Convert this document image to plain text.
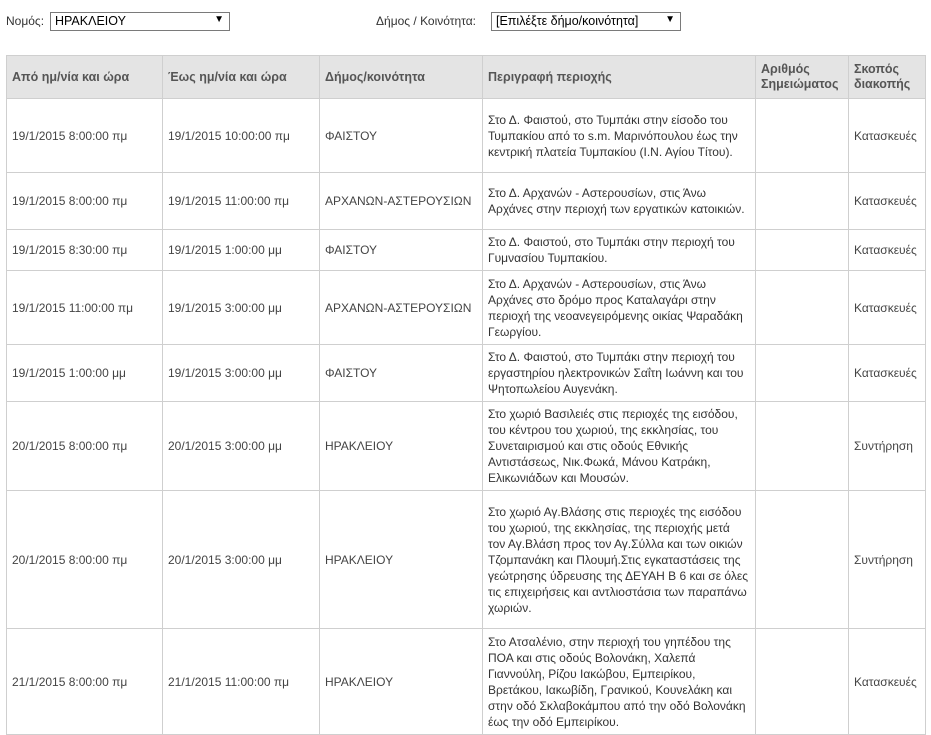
Νομός: ΗΡΑΚΛΕΙΟΥ	▼	Δήμος / Κοινότητα:	[Επιλέξτε δήμο/κοινότητα]	▼
Από ημ/νία και ώρα	Έως ημ/νία και ώρα	Δήμος/κοινότητα	Περιγραφή περιοχής	Αριθμός Σημειώματος	Σκοπός διακοπής
19/1/2015 8:00:00 πμ	19/1/2015 10:00:00 πμ	ΦΑΙΣΤΟΥ	Στο Δ. Φαιστού, στο Τυμπάκι στην είσοδο του Τυμπακίου από το s.m. Μαρινόπουλου έως την κεντρική πλατεία Τυμπακίου (Ι.Ν. Αγίου Τίτου).		Κατασκευές
19/1/2015 8:00:00 πμ	19/1/2015 11:00:00 πμ	ΑΡΧΑΝΩΝ-ΑΣΤΕΡΟΥΣΙΩΝ	Στο Δ. Αρχανών - Αστερουσίων, στις Άνω Αρχάνες στην περιοχή των εργατικών κατοικιών.		Κατασκευές
19/1/2015 8:30:00 πμ	19/1/2015 1:00:00 μμ	ΦΑΙΣΤΟΥ	Στο Δ. Φαιστού, στο Τυμπάκι στην περιοχή του Γυμνασίου Τυμπακίου.		Κατασκευές
19/1/2015 11:00:00 πμ	19/1/2015 3:00:00 μμ	ΑΡΧΑΝΩΝ-ΑΣΤΕΡΟΥΣΙΩΝ	Στο Δ. Αρχανών - Αστερουσίων, στις Άνω Αρχάνες στο δρόμο προς Καταλαγάρι στην περιοχή της νεοανεγειρόμενης οικίας Ψαραδάκη Γεωργίου.		Κατασκευές
19/1/2015 1:00:00 μμ	19/1/2015 3:00:00 μμ	ΦΑΙΣΤΟΥ	Στο Δ. Φαιστού, στο Τυμπάκι στην περιοχή του εργαστηρίου ηλεκτρονικών Σαΐτη Ιωάννη και του Ψητοπωλείου Αυγενάκη.		Κατασκευές
20/1/2015 8:00:00 πμ	20/1/2015 3:00:00 μμ	ΗΡΑΚΛΕΙΟΥ	Στο χωριό Βασιλειές στις περιοχές της εισόδου, του κέντρου του χωριού, της εκκλησίας, του Συνεταιρισμού και στις οδούς Εθνικής Αντιστάσεως, Νικ.Φωκά, Μάνου Κατράκη, Ελικωνιάδων και Μουσών.		Συντήρηση
20/1/2015 8:00:00 πμ	20/1/2015 3:00:00 μμ	ΗΡΑΚΛΕΙΟΥ	Στο χωριό Αγ.Βλάσης στις περιοχές της εισόδου του χωριού, της εκκλησίας, της περιοχής μετά τον Αγ.Βλάση προς τον Αγ.Σύλλα και των οικιών Τζομπανάκη και Πλουμή.Στις εγκαταστάσεις της γεώτρησης ύδρευσης της ΔΕΥΑΗ Β 6 και σε όλες τις επιχειρήσεις και αντλιοστάσια των παραπάνω χωριών.		Συντήρηση
21/1/2015 8:00:00 πμ	21/1/2015 11:00:00 πμ	ΗΡΑΚΛΕΙΟΥ	Στο Ατσαλένιο, στην περιοχή του γηπέδου της ΠΟΑ και στις οδούς Βολονάκη, Χαλεπά Γιαννούλη, Ρίζου Ιακώβου, Εμπειρίκου, Βρετάκου, Ιακωβίδη, Γρανικού, Κουνελάκη και στην οδό Σκλαβοκάμπου από την οδό Βολονάκη έως την οδό Εμπειρίκου.		Κατασκευές
